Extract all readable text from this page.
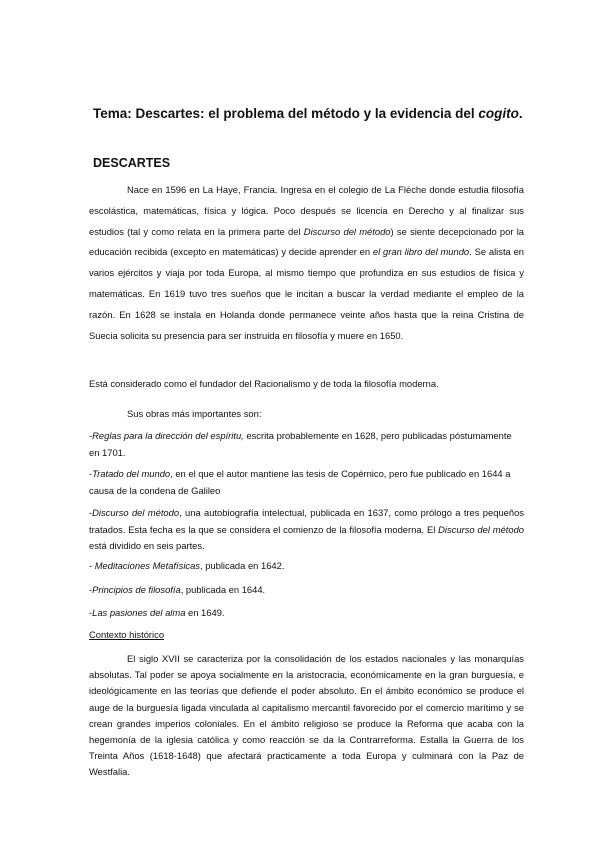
Tema: Descartes: el problema del método y la evidencia del cogito.
DESCARTES
Nace en 1596 en La Haye, Francia. Ingresa en el colegio de La Flèche donde estudia filosofía escolástica, matemáticas, física y lógica. Poco después se licencia en Derecho y al finalizar sus estudios (tal y como relata en la primera parte del Discurso del método) se siente decepcionado por la educación recibida (excepto en matemáticas) y decide aprender en el gran libro del mundo. Se alista en varios ejércitos y viaja por toda Europa, al mismo tiempo que profundiza en sus estudios de física y matemáticas. En 1619 tuvo tres sueños que le incitan a buscar la verdad mediante el empleo de la razón. En 1628 se instala en Holanda donde permanece veinte años hasta que la reina Cristina de Suecia solicita su presencia para ser instruida en filosofía y muere en 1650.
Está considerado como el fundador del Racionalismo y de toda la filosofía moderna.
Sus obras más importantes son:
-Reglas para la dirección del espíritu, escrita probablemente en 1628, pero publicadas póstumamente en 1701.
-Tratado del mundo, en el que el autor mantiene las tesis de Copérnico, pero fue publicado en 1644 a causa de la condena de Galileo
-Discurso del método, una autobiografía intelectual, publicada en 1637, como prólogo a tres pequeños tratados. Esta fecha es la que se considera el comienzo de la filosofía moderna. El Discurso del método está dividido en seis partes.
- Meditaciones Metafísicas, publicada en 1642.
-Principios de filosofía, publicada en 1644.
-Las pasiones del alma en 1649.
Contexto histórico
El siglo XVII se caracteriza por la consolidación de los estados nacionales y las monarquías absolutas. Tal poder se apoya socialmente en la aristocracia, económicamente en la gran burguesía, e ideológicamente en las teorías que defiende el poder absoluto. En el ámbito económico se produce el auge de la burguesía ligada vinculada al capitalismo mercantil favorecido por el comercio marítimo y se crean grandes imperios coloniales. En el ámbito religioso se produce la Reforma que acaba con la hegemonía de la iglesia católica y como reacción se da la Contrarreforma. Estalla la Guerra de los Treinta Años (1618-1648) que afectará practicamente a toda Europa y culminará con la Paz de Westfalia.
